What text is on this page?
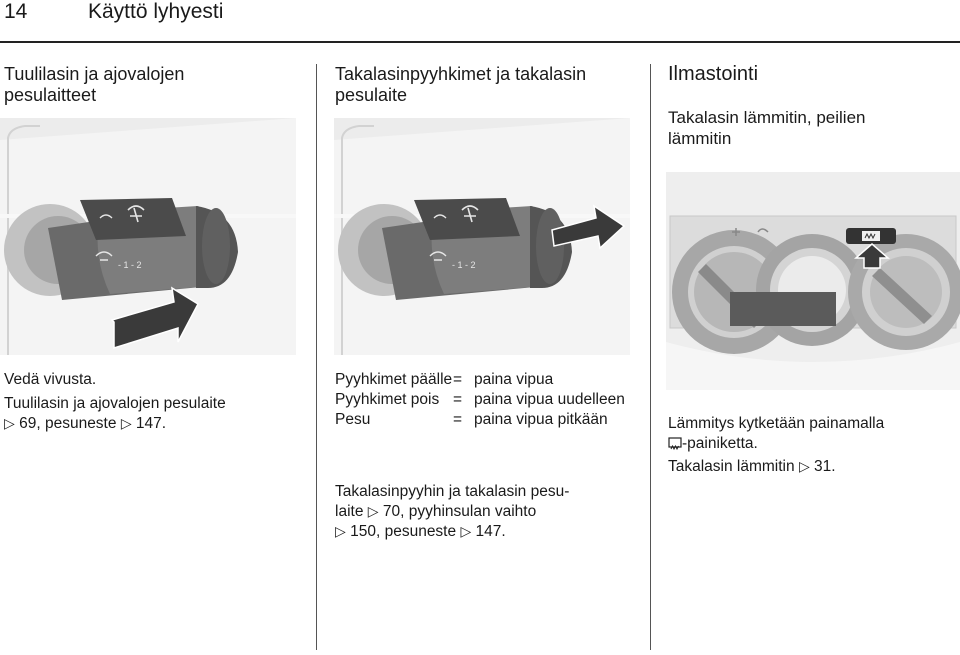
14	Käyttö lyhyesti
Tuulilasin ja ajovalojen
pesulaitteet
- 1 - 2
Vedä vivusta.
Tuulilasin ja ajovalojen pesulaite
▷ 69, pesuneste ▷ 147.
Takalasinpyyhkimet ja takalasin
pesulaite
- 1 - 2
Pyyhkimet päälle	=	paina vipua
Pyyhkimet pois	=	paina vipua uudelleen
Pesu	=	paina vipua pitkään
Takalasinpyyhin ja takalasin pesu-
laite ▷ 70, pyyhinsulan vaihto
▷ 150, pesuneste ▷ 147.
Ilmastointi
Takalasin lämmitin, peilien
lämmitin
Lämmitys kytketään painamalla
-painiketta.
Takalasin lämmitin ▷ 31.
